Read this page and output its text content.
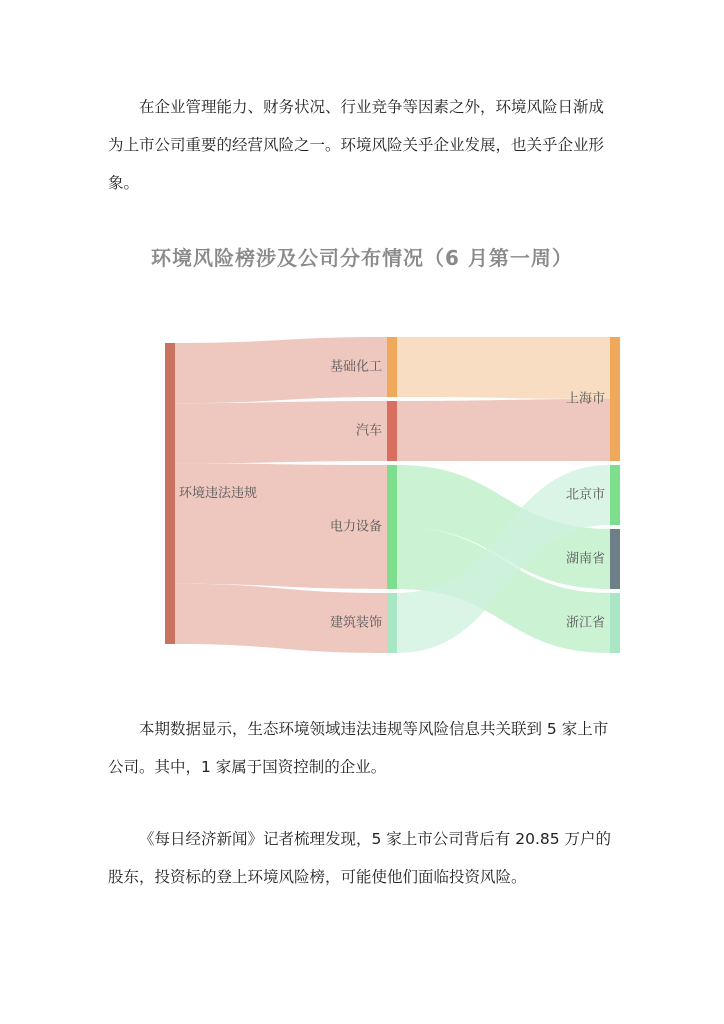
在企业管理能力、财务状况、行业竞争等因素之外，环境风险日渐成为上市公司重要的经营风险之一。环境风险关乎企业发展，也关乎企业形象。

环境风险榜涉及公司分布情况（6 月第一周）
环境违法违规
基础化工
汽车
电力设备
建筑装饰
上海市
北京市
湖南省
浙江省

本期数据显示，生态环境领域违法违规等风险信息共关联到 5 家上市公司。其中，1 家属于国资控制的企业。

《每日经济新闻》记者梳理发现，5 家上市公司背后有 20.85 万户的股东，投资标的登上环境风险榜，可能使他们面临投资风险。
